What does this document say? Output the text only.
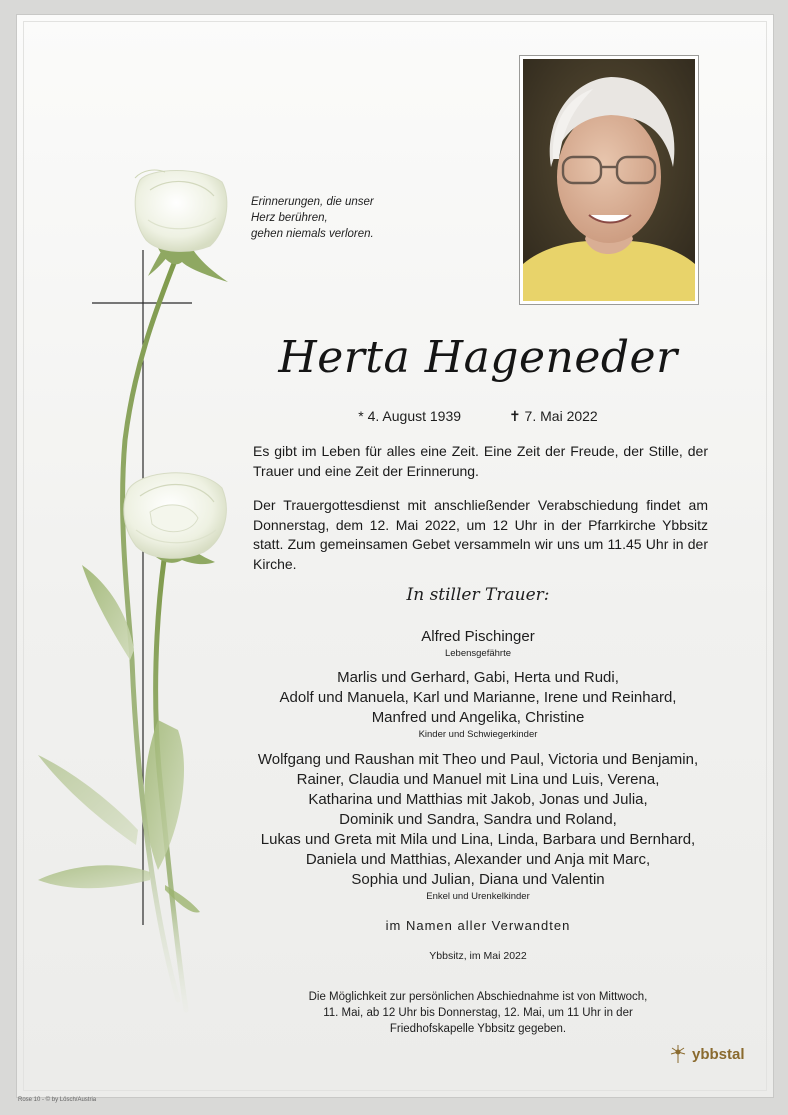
Erinnerungen, die unser
Herz berühren,
gehen niemals verloren.
Herta Hageneder
* 4. August 1939	✝ 7. Mai 2022
Es gibt im Leben für alles eine Zeit. Eine Zeit der Freude, der Stille, der Trauer und eine Zeit der Erinnerung.
Der Trauergottesdienst mit anschließender Verabschiedung findet am Donnerstag, dem 12. Mai 2022, um 12 Uhr in der Pfarrkirche Ybbsitz statt. Zum gemeinsamen Gebet versammeln wir uns um 11.45 Uhr in der Kirche.
In stiller Trauer:
Alfred Pischinger
Lebensgefährte
Marlis und Gerhard, Gabi, Herta und Rudi,
Adolf und Manuela, Karl und Marianne, Irene und Reinhard,
Manfred und Angelika, Christine
Kinder und Schwiegerkinder
Wolfgang und Raushan mit Theo und Paul, Victoria und Benjamin,
Rainer, Claudia und Manuel mit Lina und Luis, Verena,
Katharina und Matthias mit Jakob, Jonas und Julia,
Dominik und Sandra, Sandra und Roland,
Lukas und Greta mit Mila und Lina, Linda, Barbara und Bernhard,
Daniela und Matthias, Alexander und Anja mit Marc,
Sophia und Julian, Diana und Valentin
Enkel und Urenkelkinder
im Namen aller Verwandten
Ybbsitz, im Mai 2022
Die Möglichkeit zur persönlichen Abschiednahme ist von Mittwoch,
11. Mai, ab 12 Uhr bis Donnerstag, 12. Mai, um 11 Uhr in der
Friedhofskapelle Ybbsitz gegeben.
ybbstal
Rose 10 - © by Lösch/Austria
